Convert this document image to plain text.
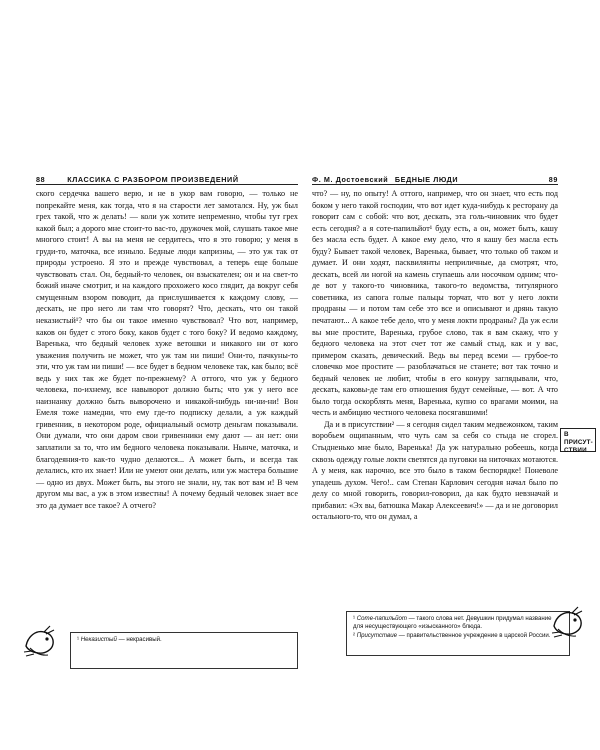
88	КЛАССИКА С РАЗБОРОМ ПРОИЗВЕДЕНИЙ	Ф. М. Достоевский БЕДНЫЕ ЛЮДИ	89

ского сердечка вашего верю, и не в укор вам говорю, — только не попрекайте меня, как тогда, что я на старости лет замотался. Ну, уж был грех такой, что ж делать! — коли уж хотите непременно, чтобы тут грех какой был; а дорого мне стоит-то вас-то, дружочек мой, слушать такое мне многого стоит! А вы на меня не сердитесь, что я это говорю; у меня в груди-то, маточка, все изныло. Бедные люди капризны, — это уж так от природы устроено. Я это и прежде чувствовал, а теперь еще больше чувствовать стал. Он, бедный-то человек, он взыскателен; он и на свет-то божий иначе смотрит, и на каждого прохожего косо глядит, да вокруг себя смущенным взором поводит, да прислушивается к каждому слову, — дескать, не про него ли там что говорят? Что, дескать, что он такой неказистый¹? что бы он такое именно чувствовал? Что вот, например, каков он будет с этого боку, каков будет с того боку? И ведомо каждому, Варенька, что бедный человек хуже ветошки и никакого ни от кого уважения получить не может, что уж там ни пиши! Они-то, пачкуны-то эти, что уж там ни пиши! — все будет в бедном человеке так, как было; всё ведь у них так же будет по-прежнему? А оттого, что уж у бедного человека, по-ихнему, все навыворот должно быть; что уж у него все наизнанку должно быть выворочено и никакой-нибудь ни-ни-ни! Вон Емеля тоже намедни, что ему где-то подписку делали, а уж каждый гривенник, в некотором роде, официальный осмотр деньгам показывали. Они думали, что они даром свои гривенники ему дают — ан нет: они заплатили за то, что им бедного человека показывали. Нынче, маточка, и благодеяния-то как-то чудно делаются... А может быть, и всегда так делались, кто их знает! Или не умеют они делать, или уж мастера большие — одно из двух. Может быть, вы этого не знали, ну, так вот вам и! В чем другом мы вас, а уж в этом известны! А почему бедный человек знает все это да думает все такое? А отчего?

что? — ну, по опыту! А оттого, например, что он знает, что есть под боком у него такой господин, что вот идет куда-нибудь к ресторану да говорит сам с собой: что вот, дескать, эта голь-чиновник что будет есть сегодня? а я соте-папильйот¹ буду есть, а он, может быть, кашу без масла есть будет. А какое ему дело, что я кашу без масла есть буду? Бывает такой человек, Варенька, бывает, что только об таком и думает. И они ходят, пасквилянты неприличные, да смотрят, что, дескать, всей ли ногой на камень ступаешь али носочком одним; что-де вот у такого-то чиновника, такого-то ведомства, титулярного советника, из сапога голые пальцы торчат, что вот у него локти продраны — и потом там себе это все и описывают и дрянь такую печатают... А какое тебе дело, что у меня локти продраны? Да уж если вы мне простите, Варенька, грубое слово, так я вам скажу, что у бедного человека на этот счет тот же самый стыд, как и у вас, примером сказать, девический. Ведь вы перед всеми — грубое-то словечко мое простите — разоблачаться не станете; вот так точно и бедный человек не любит, чтобы в его конуру заглядывали, что, дескать, каковы-де там его отношения будут семейные, — вот. А что было тогда оскорблять меня, Варенька, купно со врагами моими, на честь и амбицию честного человека посягавшими!

Да и в присутствии² — я сегодня сидел таким медвежонком, таким воробьем ощипанным, что чуть сам за себя со стыда не сгорел. Стыдненько мне было, Варенька! Да уж натурально робеешь, когда сквозь одежду голые локти светятся да пуговки на ниточках мотаются. А у меня, как нарочно, все это было в таком беспорядке! Поневоле упадешь духом. Чего!.. сам Степан Карлович сегодня начал было по делу со мной говорить, говорил-говорил, да как будто невзначай и прибавил: «Эх вы, батюшка Макар Алексеевич!» — да и не договорил остального-то, что он думал, а

В ПРИСУТ-СТВИИ

¹ Неказистый — некрасивый.

¹ Соте-папильйот — такого слова нет. Девушкин придумал название для несуществующего «изысканного» блюда.

² Присутствие — правительственное учреждение в царской России.
